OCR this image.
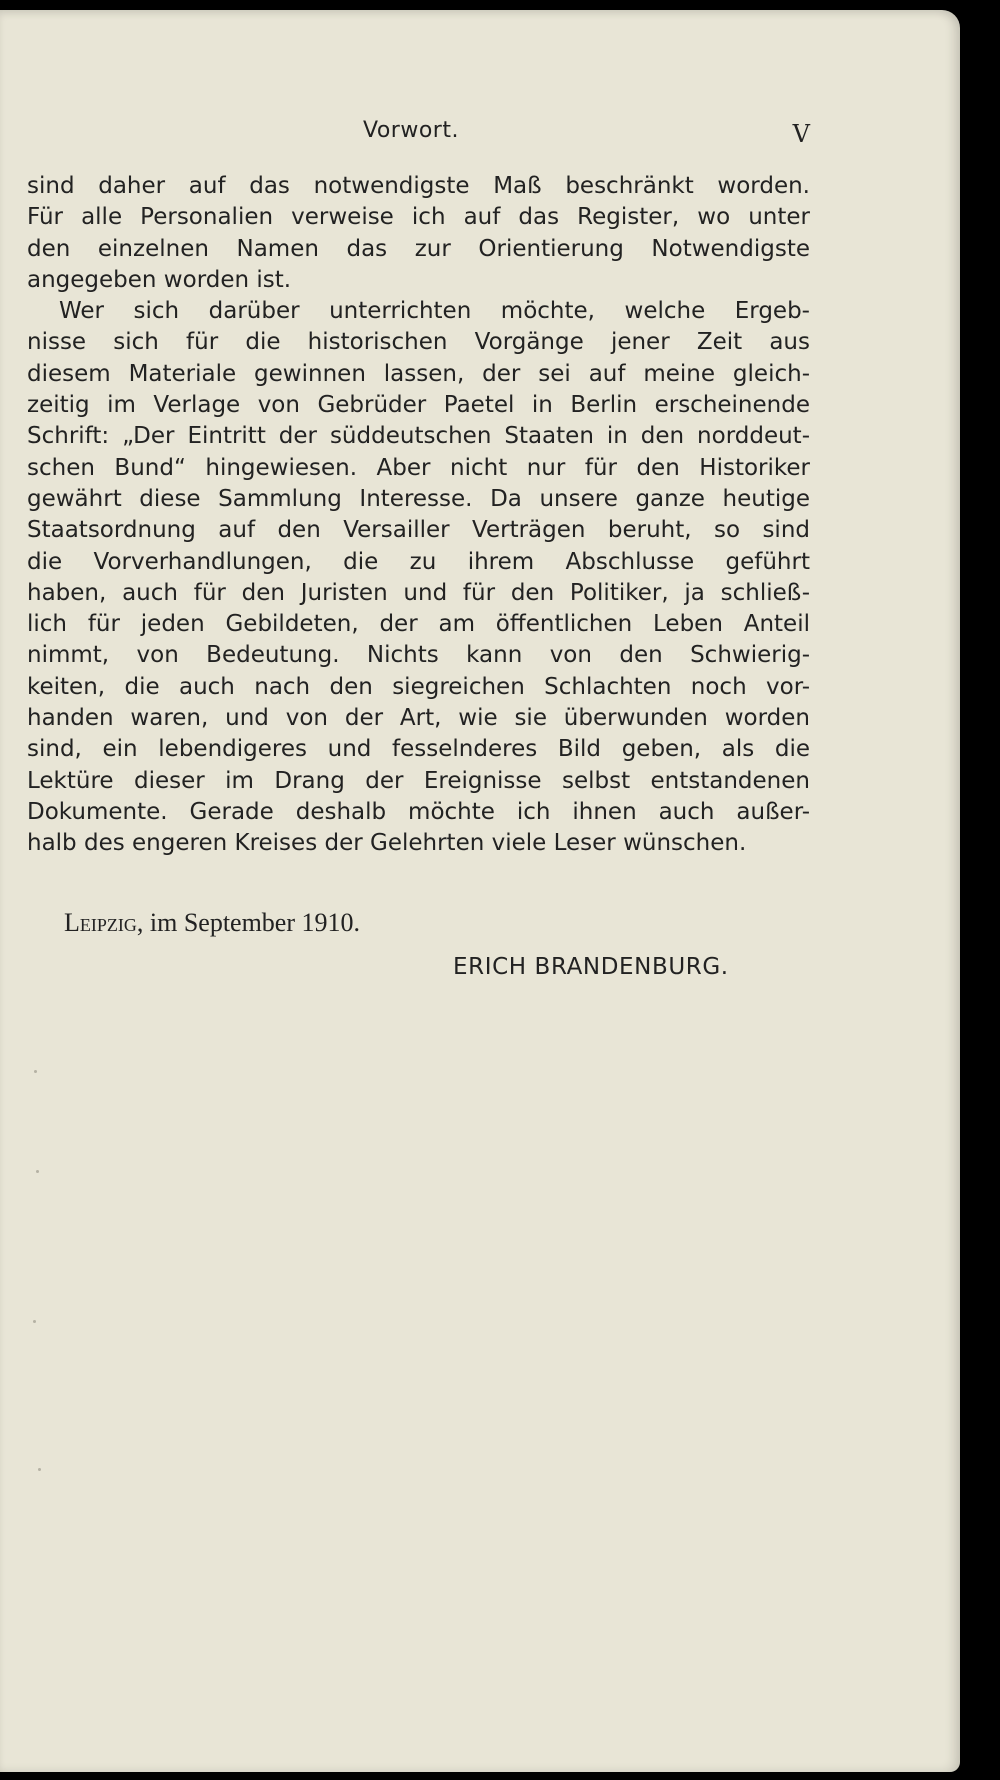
Vorwort.	V
sind daher auf das notwendigste Maß beschränkt worden.
Für alle Personalien verweise ich auf das Register, wo unter
den einzelnen Namen das zur Orientierung Notwendigste
angegeben worden ist.
Wer sich darüber unterrichten möchte, welche Ergeb-
nisse sich für die historischen Vorgänge jener Zeit aus
diesem Materiale gewinnen lassen, der sei auf meine gleich-
zeitig im Verlage von Gebrüder Paetel in Berlin erscheinende
Schrift: „Der Eintritt der süddeutschen Staaten in den norddeut-
schen Bund“ hingewiesen. Aber nicht nur für den Historiker
gewährt diese Sammlung Interesse. Da unsere ganze heutige
Staatsordnung auf den Versailler Verträgen beruht, so sind
die Vorverhandlungen, die zu ihrem Abschlusse geführt
haben, auch für den Juristen und für den Politiker, ja schließ-
lich für jeden Gebildeten, der am öffentlichen Leben Anteil
nimmt, von Bedeutung. Nichts kann von den Schwierig-
keiten, die auch nach den siegreichen Schlachten noch vor-
handen waren, und von der Art, wie sie überwunden worden
sind, ein lebendigeres und fesselnderes Bild geben, als die
Lektüre dieser im Drang der Ereignisse selbst entstandenen
Dokumente. Gerade deshalb möchte ich ihnen auch außer-
halb des engeren Kreises der Gelehrten viele Leser wünschen.
Leipzig, im September 1910.
ERICH BRANDENBURG.
